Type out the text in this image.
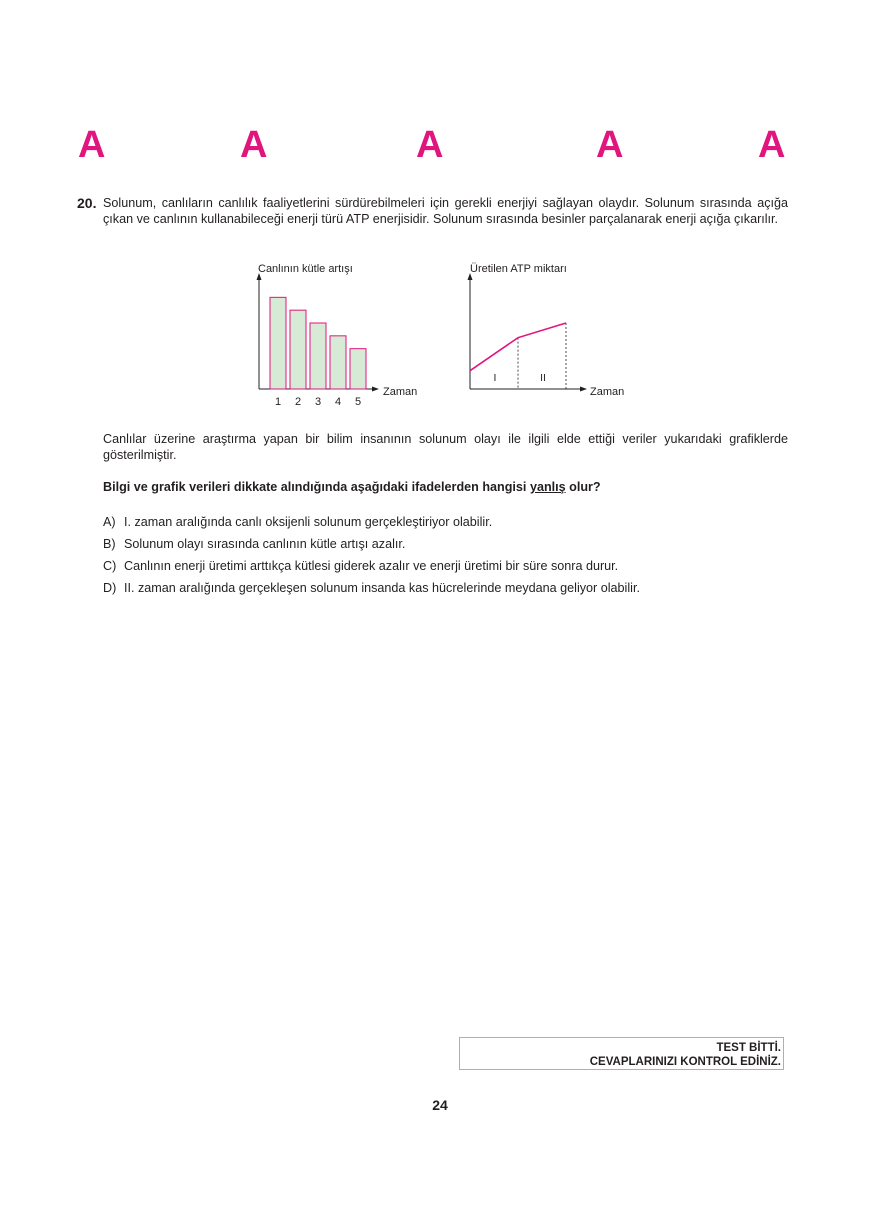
A	A	A	A	A
20. Solunum, canlıların canlılık faaliyetlerini sürdürebilmeleri için gerekli enerjiyi sağlayan olaydır. Solunum sırasında açığa çıkan ve canlının kullanabileceği enerji türü ATP enerjisidir. Solunum sırasında besinler parçalanarak enerji açığa çıkarılır.
Canlının kütle artışı
Zaman
1 2 3 4 5
Üretilen ATP miktarı
Zaman
I	II
Canlılar üzerine araştırma yapan bir bilim insanının solunum olayı ile ilgili elde ettiği veriler yukarıdaki grafiklerde gösterilmiştir.
Bilgi ve grafik verileri dikkate alındığında aşağıdaki ifadelerden hangisi yanlış olur?
A) I. zaman aralığında canlı oksijenli solunum gerçekleştiriyor olabilir.
B) Solunum olayı sırasında canlının kütle artışı azalır.
C) Canlının enerji üretimi arttıkça kütlesi giderek azalır ve enerji üretimi bir süre sonra durur.
D) II. zaman aralığında gerçekleşen solunum insanda kas hücrelerinde meydana geliyor olabilir.
TEST BİTTİ.
CEVAPLARINIZI KONTROL EDİNİZ.
24
